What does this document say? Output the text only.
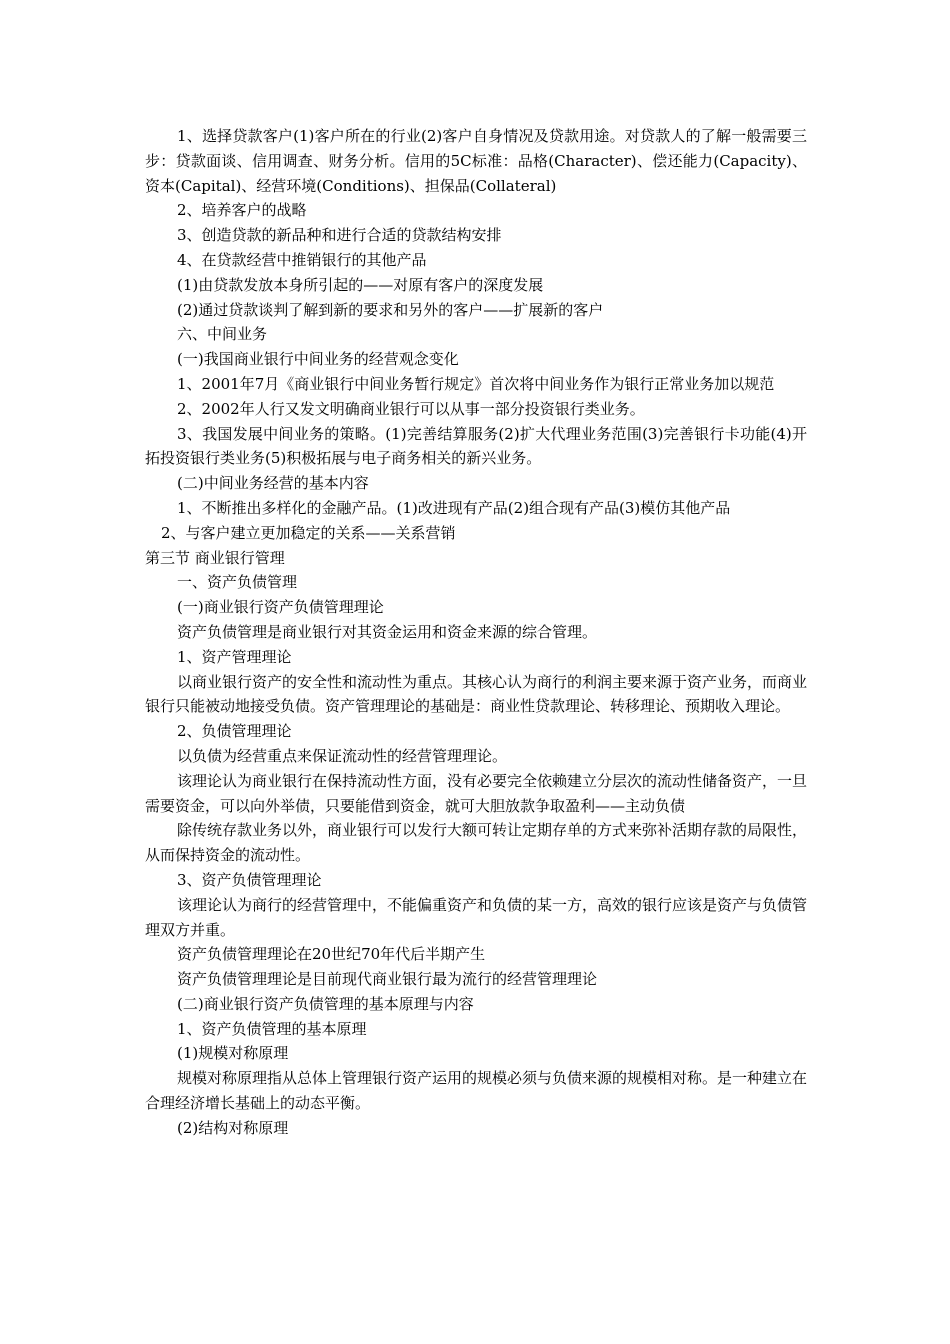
1、选择贷款客户(1)客户所在的行业(2)客户自身情况及贷款用途。对贷款人的了解一般需要三步：贷款面谈、信用调查、财务分析。信用的5C标准：品格(Character)、偿还能力(Capacity)、资本(Capital)、经营环境(Conditions)、担保品(Collateral)

2、培养客户的战略

3、创造贷款的新品种和进行合适的贷款结构安排

4、在贷款经营中推销银行的其他产品

(1)由贷款发放本身所引起的——对原有客户的深度发展

(2)通过贷款谈判了解到新的要求和另外的客户——扩展新的客户

六、中间业务

(一)我国商业银行中间业务的经营观念变化

1、2001年7月《商业银行中间业务暂行规定》首次将中间业务作为银行正常业务加以规范

2、2002年人行又发文明确商业银行可以从事一部分投资银行类业务。

3、我国发展中间业务的策略。(1)完善结算服务(2)扩大代理业务范围(3)完善银行卡功能(4)开拓投资银行类业务(5)积极拓展与电子商务相关的新兴业务。

(二)中间业务经营的基本内容

1、不断推出多样化的金融产品。(1)改进现有产品(2)组合现有产品(3)模仿其他产品

2、与客户建立更加稳定的关系——关系营销

第三节 商业银行管理

一、资产负债管理

(一)商业银行资产负债管理理论

资产负债管理是商业银行对其资金运用和资金来源的综合管理。

1、资产管理理论

以商业银行资产的安全性和流动性为重点。其核心认为商行的利润主要来源于资产业务，而商业银行只能被动地接受负债。资产管理理论的基础是：商业性贷款理论、转移理论、预期收入理论。

2、负债管理理论

以负债为经营重点来保证流动性的经营管理理论。

该理论认为商业银行在保持流动性方面，没有必要完全依赖建立分层次的流动性储备资产，一旦需要资金，可以向外举债，只要能借到资金，就可大胆放款争取盈利——主动负债

除传统存款业务以外，商业银行可以发行大额可转让定期存单的方式来弥补活期存款的局限性，从而保持资金的流动性。

3、资产负债管理理论

该理论认为商行的经营管理中，不能偏重资产和负债的某一方，高效的银行应该是资产与负债管理双方并重。

资产负债管理理论在20世纪70年代后半期产生

资产负债管理理论是目前现代商业银行最为流行的经营管理理论

(二)商业银行资产负债管理的基本原理与内容

1、资产负债管理的基本原理

(1)规模对称原理

规模对称原理指从总体上管理银行资产运用的规模必须与负债来源的规模相对称。是一种建立在合理经济增长基础上的动态平衡。

(2)结构对称原理
